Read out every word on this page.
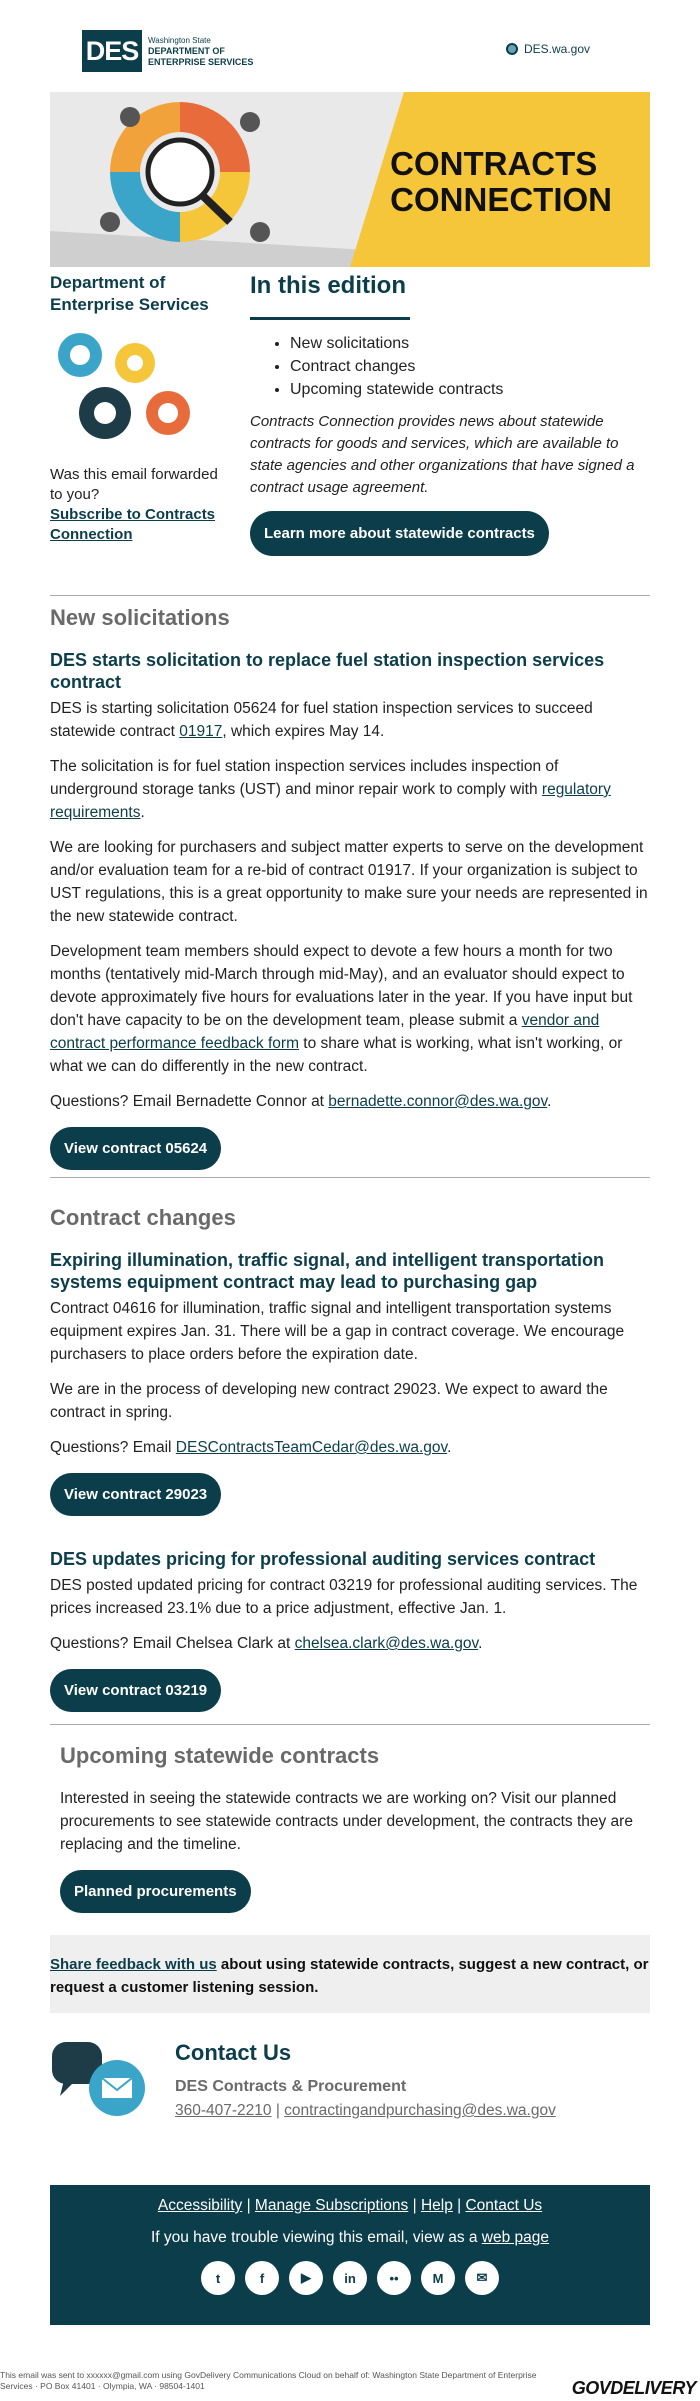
DES	Washington State
DEPARTMENT OF
ENTERPRISE SERVICES
DES.wa.gov
CONTRACTS
CONNECTION
Department of Enterprise Services
Was this email forwarded to you?
Subscribe to Contracts Connection
In this edition
• New solicitations
• Contract changes
• Upcoming statewide contracts

Contracts Connection provides news about statewide contracts for goods and services, which are available to state agencies and other organizations that have signed a contract usage agreement.

Learn more about statewide contracts
New solicitations
DES starts solicitation to replace fuel station inspection services contract

DES is starting solicitation 05624 for fuel station inspection services to succeed statewide contract 01917, which expires May 14.

The solicitation is for fuel station inspection services includes inspection of underground storage tanks (UST) and minor repair work to comply with regulatory requirements.

We are looking for purchasers and subject matter experts to serve on the development and/or evaluation team for a re-bid of contract 01917. If your organization is subject to UST regulations, this is a great opportunity to make sure your needs are represented in the new statewide contract.

Development team members should expect to devote a few hours a month for two months (tentatively mid-March through mid-May), and an evaluator should expect to devote approximately five hours for evaluations later in the year. If you have input but don't have capacity to be on the development team, please submit a vendor and contract performance feedback form to share what is working, what isn't working, or what we can do differently in the new contract.

Questions? Email Bernadette Connor at bernadette.connor@des.wa.gov.

View contract 05624
Contract changes
Expiring illumination, traffic signal, and intelligent transportation systems equipment contract may lead to purchasing gap

Contract 04616 for illumination, traffic signal and intelligent transportation systems equipment expires Jan. 31. There will be a gap in contract coverage. We encourage purchasers to place orders before the expiration date.

We are in the process of developing new contract 29023. We expect to award the contract in spring.

Questions? Email DESContractsTeamCedar@des.wa.gov.

View contract 29023
DES updates pricing for professional auditing services contract

DES posted updated pricing for contract 03219 for professional auditing services. The prices increased 23.1% due to a price adjustment, effective Jan. 1.

Questions? Email Chelsea Clark at chelsea.clark@des.wa.gov.

View contract 03219
Upcoming statewide contracts

Interested in seeing the statewide contracts we are working on? Visit our planned procurements to see statewide contracts under development, the contracts they are replacing and the timeline.

Planned procurements

Share feedback with us about using statewide contracts, suggest a new contract, or request a customer listening session.

Contact Us
DES Contracts & Procurement
360-407-2210 | contractingandpurchasing@des.wa.gov
Accessibility | Manage Subscriptions | Help | Contact Us
If you have trouble viewing this email, view as a web page
t	f	▶	in	••	M	✉
This email was sent to xxxxxx@gmail.com using GovDelivery Communications Cloud on behalf of: Washington State Department of Enterprise Services · PO Box 41401 · Olympia, WA · 98504-1401	GOVDELIVERY
